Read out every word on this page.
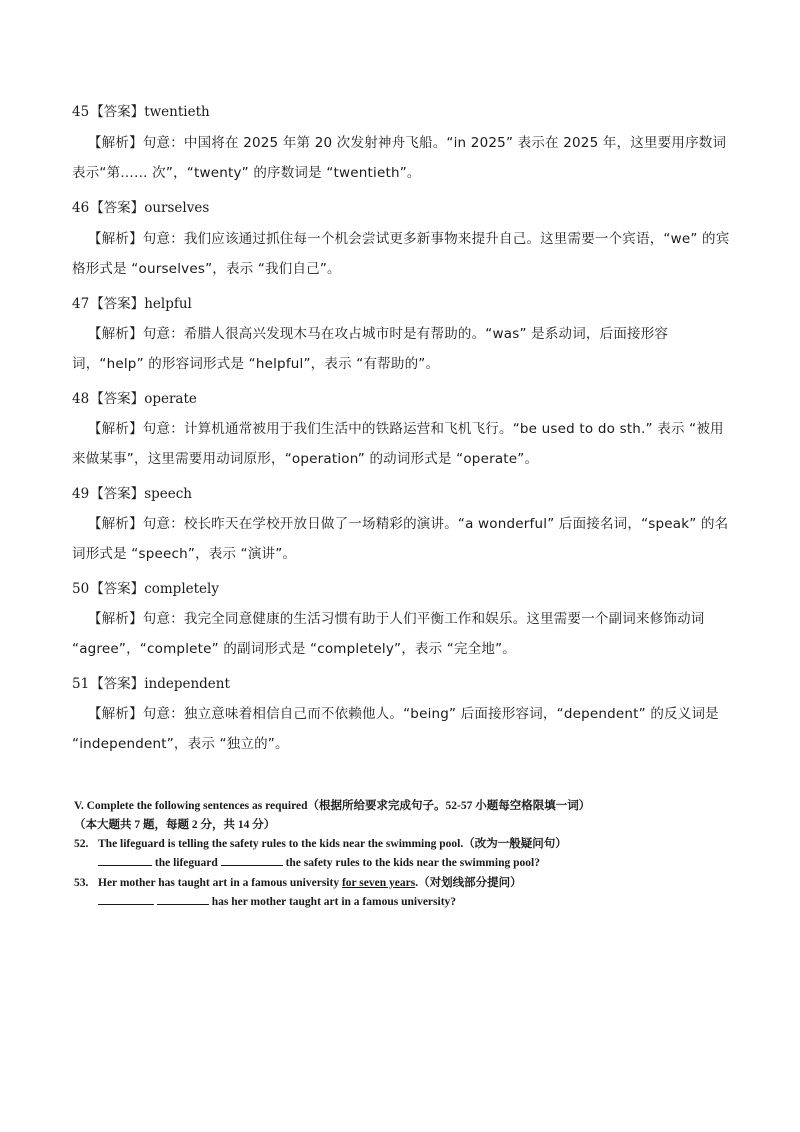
45【答案】twentieth
【解析】句意：中国将在 2025 年第 20 次发射神舟飞船。“in 2025” 表示在 2025 年，这里要用序数词表示“第…… 次”，“twenty” 的序数词是 “twentieth”。
46【答案】ourselves
【解析】句意：我们应该通过抓住每一个机会尝试更多新事物来提升自己。这里需要一个宾语，“we” 的宾格形式是 “ourselves”，表示 “我们自己”。
47【答案】helpful
【解析】句意：希腊人很高兴发现木马在攻占城市时是有帮助的。“was” 是系动词，后面接形容词，“help” 的形容词形式是 “helpful”，表示 “有帮助的”。
48【答案】operate
【解析】句意：计算机通常被用于我们生活中的铁路运营和飞机飞行。“be used to do sth.” 表示 “被用来做某事”，这里需要用动词原形，“operation” 的动词形式是 “operate”。
49【答案】speech
【解析】句意：校长昨天在学校开放日做了一场精彩的演讲。“a wonderful” 后面接名词，“speak” 的名词形式是 “speech”，表示 “演讲”。
50【答案】completely
【解析】句意：我完全同意健康的生活习惯有助于人们平衡工作和娱乐。这里需要一个副词来修饰动词 “agree”，“complete” 的副词形式是 “completely”，表示 “完全地”。
51【答案】independent
【解析】句意：独立意味着相信自己而不依赖他人。“being” 后面接形容词，“dependent” 的反义词是 “independent”，表示 “独立的”。
V. Complete the following sentences as required（根据所给要求完成句子。52-57 小题每空格限填一词）
（本大题共 7 题，每题 2 分，共 14 分）
52. The lifeguard is telling the safety rules to the kids near the swimming pool.（改为一般疑问句）
the lifeguard	the safety rules to the kids near the swimming pool?
53. Her mother has taught art in a famous university for seven years.（对划线部分提问）
has her mother taught art in a famous university?
